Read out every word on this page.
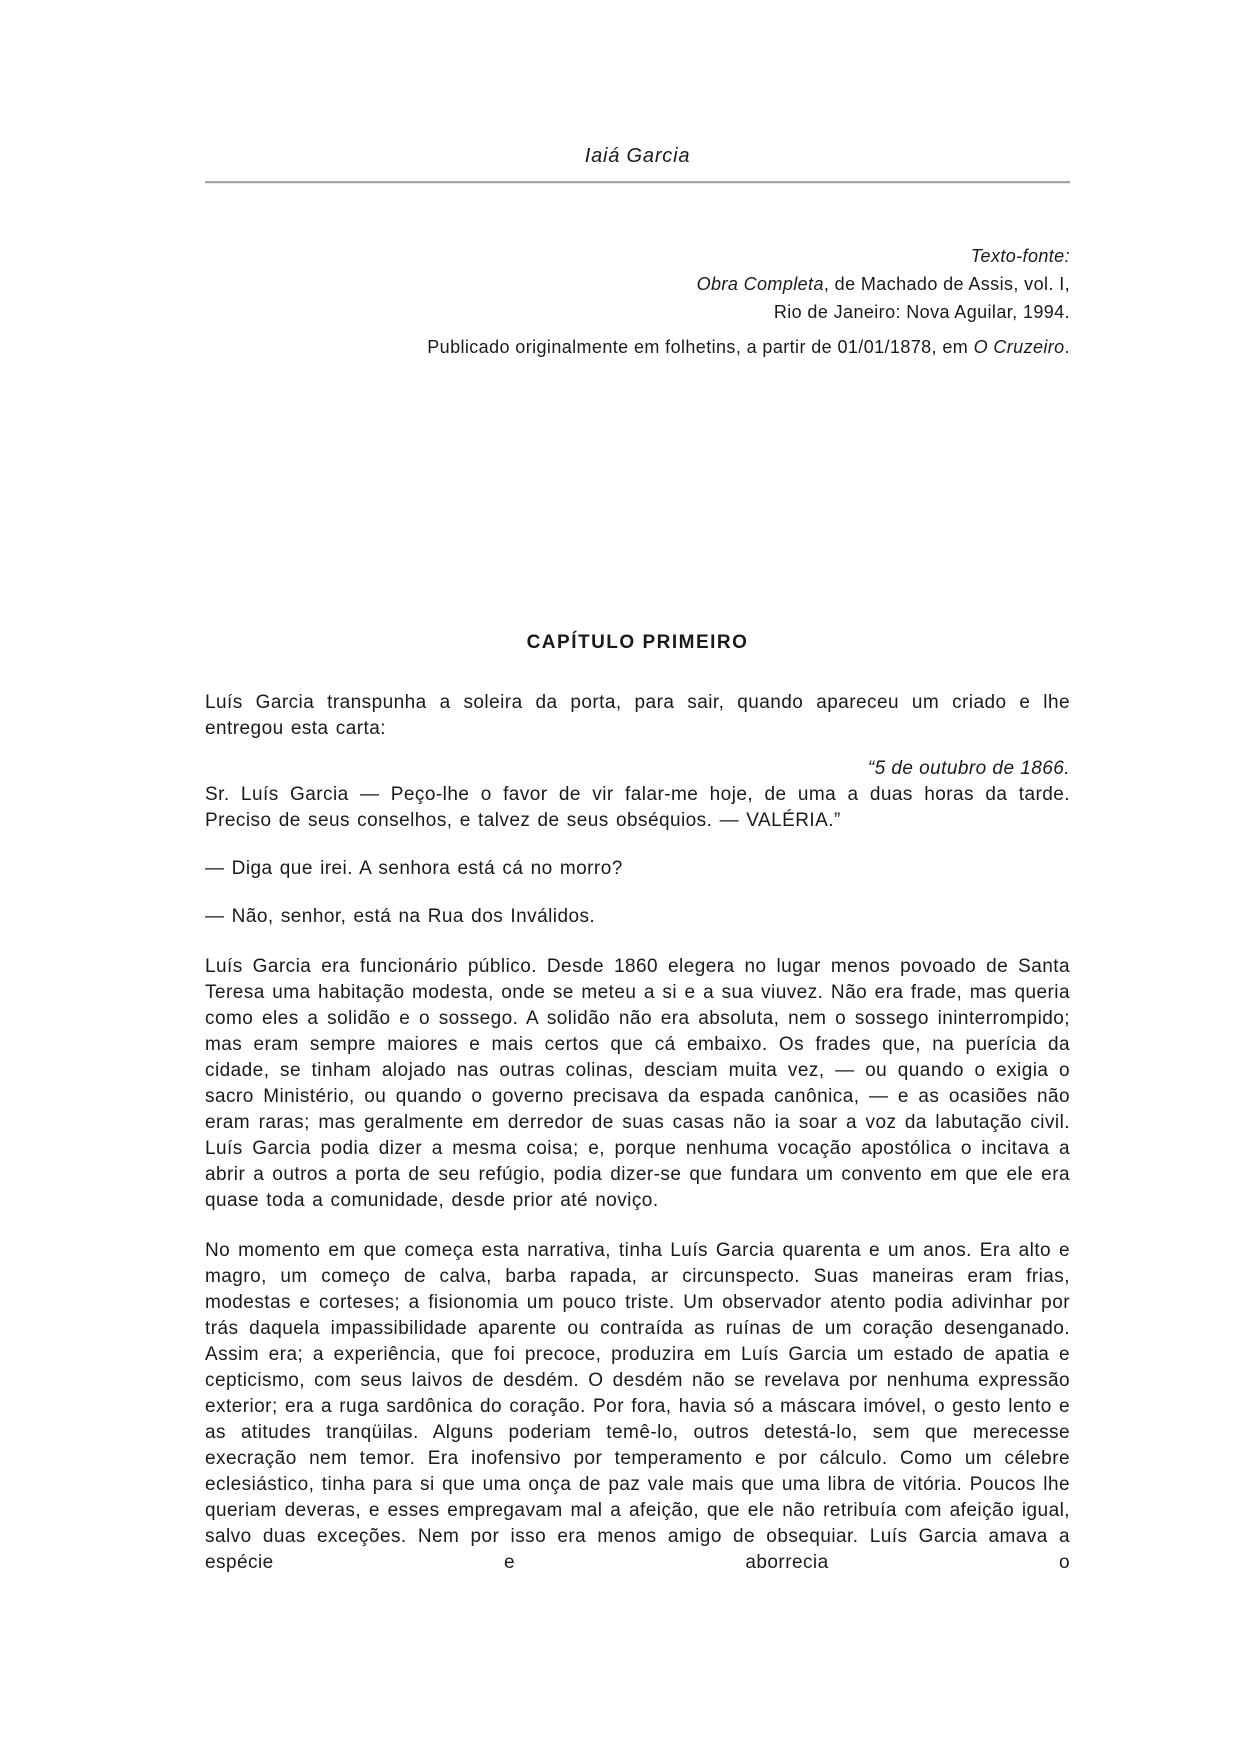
Iaiá Garcia
Texto-fonte:
Obra Completa, de Machado de Assis, vol. I,
Rio de Janeiro: Nova Aguilar, 1994.
Publicado originalmente em folhetins, a partir de 01/01/1878, em O Cruzeiro.
CAPÍTULO PRIMEIRO

Luís Garcia transpunha a soleira da porta, para sair, quando apareceu um criado e lhe entregou esta carta:

“5 de outubro de 1866.

Sr. Luís Garcia — Peço-lhe o favor de vir falar-me hoje, de uma a duas horas da tarde. Preciso de seus conselhos, e talvez de seus obséquios. — VALÉRIA.”

— Diga que irei. A senhora está cá no morro?

— Não, senhor, está na Rua dos Inválidos.

Luís Garcia era funcionário público. Desde 1860 elegera no lugar menos povoado de Santa Teresa uma habitação modesta, onde se meteu a si e a sua viuvez. Não era frade, mas queria como eles a solidão e o sossego. A solidão não era absoluta, nem o sossego ininterrompido; mas eram sempre maiores e mais certos que cá embaixo. Os frades que, na puerícia da cidade, se tinham alojado nas outras colinas, desciam muita vez, — ou quando o exigia o sacro Ministério, ou quando o governo precisava da espada canônica, — e as ocasiões não eram raras; mas geralmente em derredor de suas casas não ia soar a voz da labutação civil. Luís Garcia podia dizer a mesma coisa; e, porque nenhuma vocação apostólica o incitava a abrir a outros a porta de seu refúgio, podia dizer-se que fundara um convento em que ele era quase toda a comunidade, desde prior até noviço.

No momento em que começa esta narrativa, tinha Luís Garcia quarenta e um anos. Era alto e magro, um começo de calva, barba rapada, ar circunspecto. Suas maneiras eram frias, modestas e corteses; a fisionomia um pouco triste. Um observador atento podia adivinhar por trás daquela impassibilidade aparente ou contraída as ruínas de um coração desenganado. Assim era; a experiência, que foi precoce, produzira em Luís Garcia um estado de apatia e cepticismo, com seus laivos de desdém. O desdém não se revelava por nenhuma expressão exterior; era a ruga sardônica do coração. Por fora, havia só a máscara imóvel, o gesto lento e as atitudes tranqüilas. Alguns poderiam temê-lo, outros detestá-lo, sem que merecesse execração nem temor. Era inofensivo por temperamento e por cálculo. Como um célebre eclesiástico, tinha para si que uma onça de paz vale mais que uma libra de vitória. Poucos lhe queriam deveras, e esses empregavam mal a afeição, que ele não retribuía com afeição igual, salvo duas exceções. Nem por isso era menos amigo de obsequiar. Luís Garcia amava a espécie e aborrecia o
